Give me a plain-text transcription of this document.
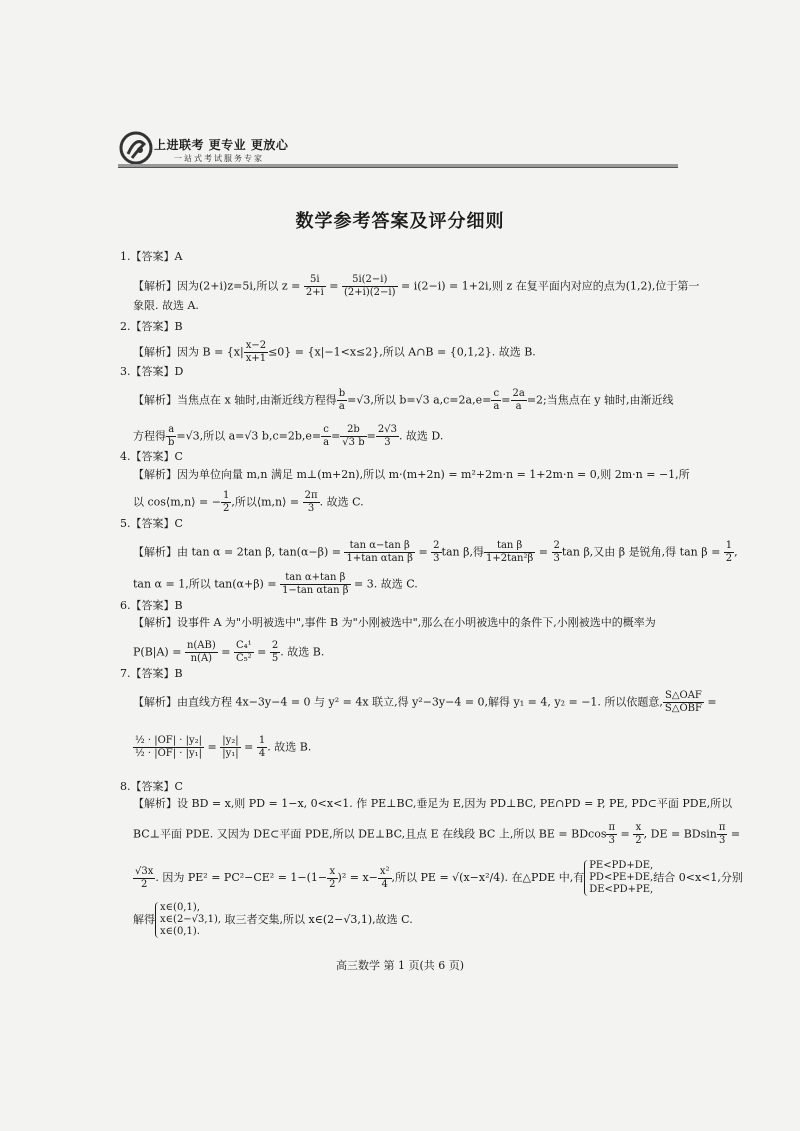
上进联考 更专业 更放心
一站式考试服务专家
数学参考答案及评分细则
1.【答案】A
【解析】因为(2+i)z=5i,所以 $z = \frac{5i}{2+i} = \frac{5i(2-i)}{(2+i)(2-i)} = i(2-i) = 1+2i$,则 z 在复平面内对应的点为(1,2),位于第一
象限. 故选 A.
2.【答案】B
【解析】因为 $B = \{x| \frac{x-2}{x+1} \le 0\} = \{x|-1<x\le 2\}$,所以 A∩B = {0,1,2}. 故选 B.
3.【答案】D
【解析】当焦点在 x 轴时,由渐近线方程得 $\frac{b}{a} =√3$,所以 b=√3 $a,c=2a,e= \frac{c}{a} = \frac{2a}{a} =2$;当焦点在 y 轴时,由渐近线
方程得 $\frac{a}{b} =√3$,所以 a=√3 $b,c=2b,e= \frac{c}{a} = \frac{2b}{√3 b} = \frac{2√3}{3}$ . 故选 D.
4.【答案】C
【解析】因为单位向量 m,n 满足 m⊥(m+2n),所以 m·(m+2n) = m²+2m·n = 1+2m·n = 0,则 2m·n = −1,所
以 cos⟨m,n⟩ = − $\frac{1}{2}$ ,所以⟨m,n⟩ = $\frac{2\pi}{3}$ . 故选 C.
5.【答案】C
【解析】由 tan α = 2tan β, $\tan(\alpha-\beta) = \frac{\text{tan α−tan β}}{\text{1+tan αtan β}} = \frac{2}{3}$ tan β,得 $\frac{\text{tan β}}{\text{1+2tan²β}} = \frac{2}{3}$ tan β,又由 β 是锐角,得 $\tan \beta = \frac{1}{2}$ ,
tan α = 1,所以 $\tan(\alpha+\beta) = \frac{\text{tan α+tan β}}{\text{1−tan αtan β}} = 3$. 故选 C.
6.【答案】B
【解析】设事件 A 为"小明被选中",事件 B 为"小刚被选中",那么在小明被选中的条件下,小刚被选中的概率为
$P(B|A) = \frac{n(AB)}{n(A)} = \frac{\text{C₄¹}}{\text{C₅²}} = \frac{2}{5}$ . 故选 B.
7.【答案】B
【解析】由直线方程 4x−3y−4 = 0 与 y² = 4x 联立,得 y²−3y−4 = 0,解得 y₁ = 4, y₂ = −1. 所以依题意, $\frac{\text{S△OAF}}{\text{S△OBF}}$ =
$\frac{\text{½ · |OF| · |y₂|}}{\text{½ · |OF| · |y₁|}} = \frac{\text{|y₂|}}{\text{|y₁|}} = \frac{1}{4}$ . 故选 B.
8.【答案】C
【解析】设 BD = x,则 PD = 1−x, 0<x<1. 作 PE⊥BC,垂足为 E,因为 PD⊥BC, PE∩PD = P, PE, PD⊂平面 PDE,所以
BC⊥平面 PDE. 又因为 DE⊂平面 PDE,所以 DE⊥BC,且点 E 在线段 BC 上,所以 BE = BDcos $\frac{\pi}{3} = \frac{x}{2}$ , DE = BDsin $\frac{\pi}{3}$ =
$\frac{√3x}{2}$ . 因为 $PE^2 = PC^2-CE^2 = 1-(1- \frac{x}{2} )^2 = x- \frac{\text{x²}}{4}$ ,所以 PE = √(x−x²/4). 在△PDE 中,有
PE<PD+DE,
PD<PE+DE,
DE<PD+PE,
结合 0<x<1,分别
解得
x∈(0,1),
x∈(2−√3,1),
x∈(0,1).
取三者交集,所以 x∈(2−√3,1),故选 C.
高三数学 第 1 页(共 6 页)
